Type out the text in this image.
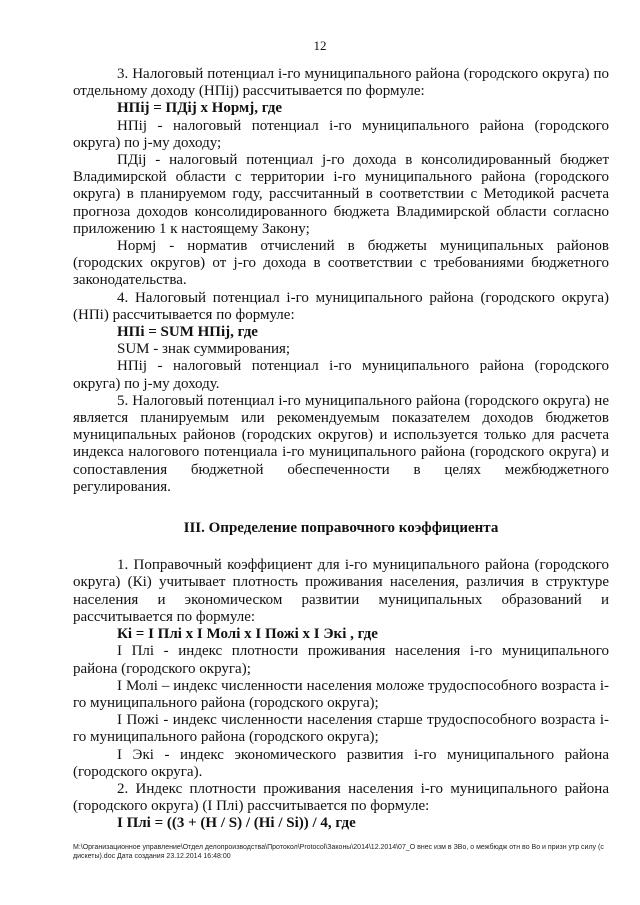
12

3. Налоговый потенциал i-го муниципального района (городского округа) по отдельному доходу (НПij) рассчитывается по формуле:

НПij = ПДij х Нормj, где

НПij - налоговый потенциал i-го муниципального района (городского округа) по j-му доходу;

ПДij - налоговый потенциал j-го дохода в консолидированный бюджет Владимирской области с территории i-го муниципального района (городского округа) в планируемом году, рассчитанный в соответствии с Методикой расчета прогноза доходов консолидированного бюджета Владимирской области согласно приложению 1 к настоящему Закону;

Нормj - норматив отчислений в бюджеты муниципальных районов (городских округов) от j-го дохода в соответствии с требованиями бюджетного законодательства.

4. Налоговый потенциал i-го муниципального района (городского округа) (НПi) рассчитывается по формуле:

НПi = SUM НПij, где

SUM - знак суммирования;

НПij - налоговый потенциал i-го муниципального района (городского округа) по j-му доходу.

5. Налоговый потенциал i-го муниципального района (городского округа) не является планируемым или рекомендуемым показателем доходов бюджетов муниципальных районов (городских округов) и используется только для расчета индекса налогового потенциала i-го муниципального района (городского округа) и сопоставления бюджетной обеспеченности в целях межбюджетного регулирования.

III. Определение поправочного коэффициента

1. Поправочный коэффициент для i-го муниципального района (городского округа) (Кi) учитывает плотность проживания населения, различия в структуре населения и экономическом развитии муниципальных образований и рассчитывается по формуле:

Кi = I Плi х I Молi х I Пожi х I Экi , где

I Плi - индекс плотности проживания населения i-го муниципального района (городского округа);

I Молi – индекс численности населения моложе трудоспособного возраста i-го муниципального района (городского округа);

I Пожi - индекс численности населения старше трудоспособного возраста i-го муниципального района (городского округа);

I Экi - индекс экономического развития i-го муниципального района (городского округа).

2. Индекс плотности проживания населения i-го муниципального района (городского округа) (I Плi) рассчитывается по формуле:

I Плi = ((3 + (Н / S) / (Нi / Si)) / 4, где

М:\Организационное управление\Отдел делопроизводства\Протокол\Protocol\Законы\2014\12.2014\07_О внес изм в ЗВо, о межбюдж отн во Во и призн утр силу (с дискеты).doc Дата создания 23.12.2014 16:48:00
